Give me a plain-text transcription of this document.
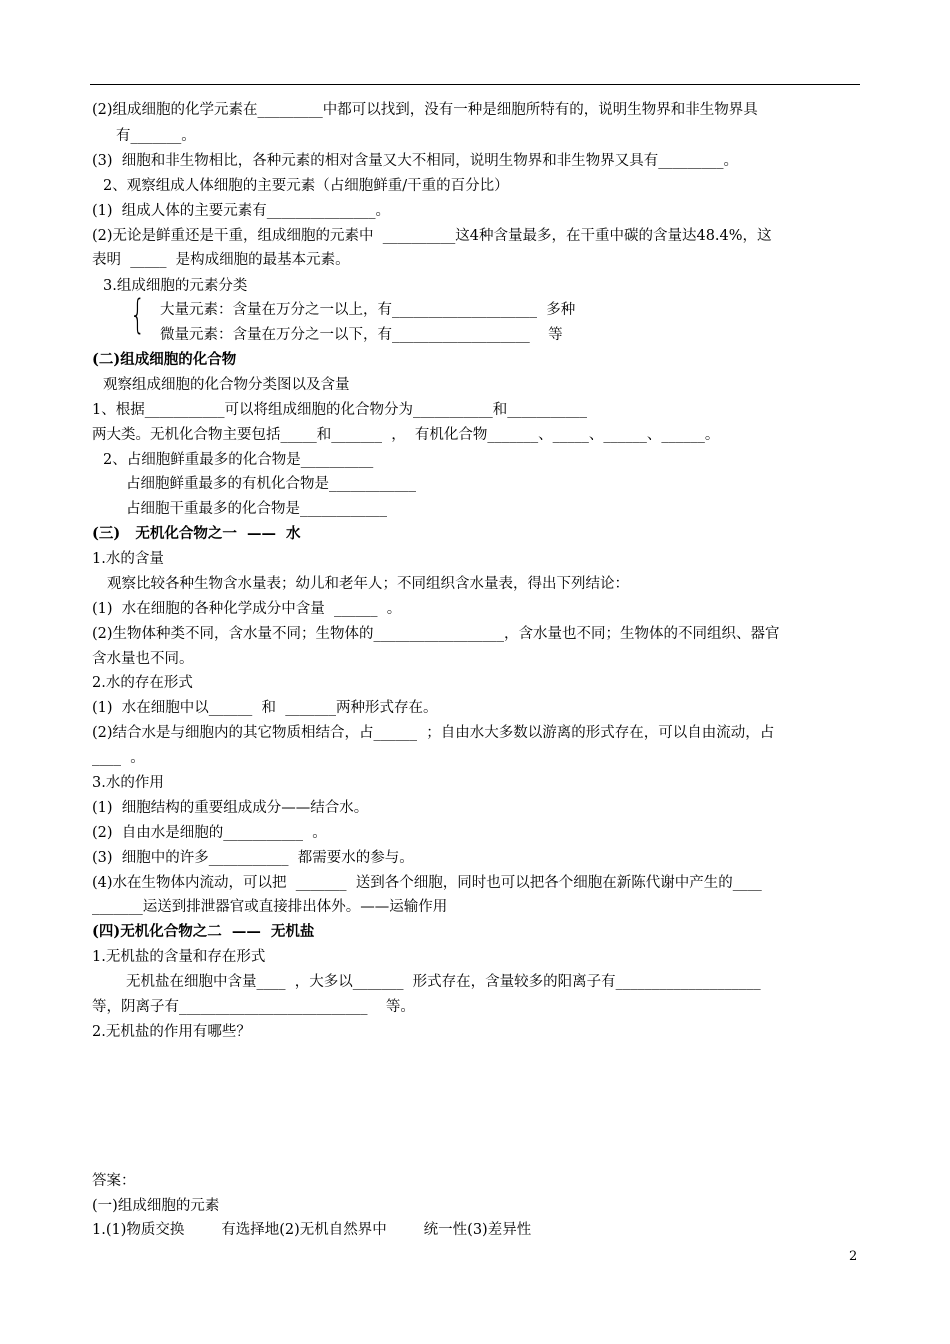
(2)组成细胞的化学元素在_________中都可以找到，没有一种是细胞所特有的，说明生物界和非生物界具
有_______。
(3)  细胞和非生物相比，各种元素的相对含量又大不相同，说明生物界和非生物界又具有_________。
2、观察组成人体细胞的主要元素（占细胞鲜重/干重的百分比）
(1)  组成人体的主要元素有_______________。
(2)无论是鲜重还是干重，组成细胞的元素中  __________这4种含量最多，在干重中碳的含量达48.4%，这
表明  _____  是构成细胞的最基本元素。
3.组成细胞的元素分类
{ 大量元素：含量在万分之一以上，有____________________  多种
微量元素：含量在万分之一以下，有___________________    等
(二)组成细胞的化合物
观察组成细胞的化合物分类图以及含量
1、根据___________可以将组成细胞的化合物分为___________和___________
两大类。无机化合物主要包括_____和_______  ，  有机化合物_______、_____、______、______。
2、占细胞鲜重最多的化合物是__________
占细胞鲜重最多的有机化合物是____________
占细胞干重最多的化合物是____________
(三)   无机化合物之一  ——  水
1.水的含量
观察比较各种生物含水量表；幼儿和老年人；不同组织含水量表，得出下列结论：
(1)  水在细胞的各种化学成分中含量  ______  。
(2)生物体种类不同，含水量不同；生物体的__________________，含水量也不同；生物体的不同组织、器官
含水量也不同。
2.水的存在形式
(1)  水在细胞中以______  和  _______两种形式存在。
(2)结合水是与细胞内的其它物质相结合，占______  ；自由水大多数以游离的形式存在，可以自由流动，占
____  。
3.水的作用
(1)  细胞结构的重要组成成分——结合水。
(2)  自由水是细胞的___________  。
(3)  细胞中的许多___________  都需要水的参与。
(4)水在生物体内流动，可以把  _______  送到各个细胞，同时也可以把各个细胞在新陈代谢中产生的____
_______运送到排泄器官或直接排出体外。——运输作用
(四)无机化合物之二  ——  无机盐
1.无机盐的含量和存在形式
无机盐在细胞中含量____  ，大多以_______  形式存在，含量较多的阳离子有____________________
等，阴离子有__________________________    等。
2.无机盐的作用有哪些？
答案：
(一)组成细胞的元素
1.(1)物质交换        有选择地(2)无机自然界中        统一性(3)差异性
2
